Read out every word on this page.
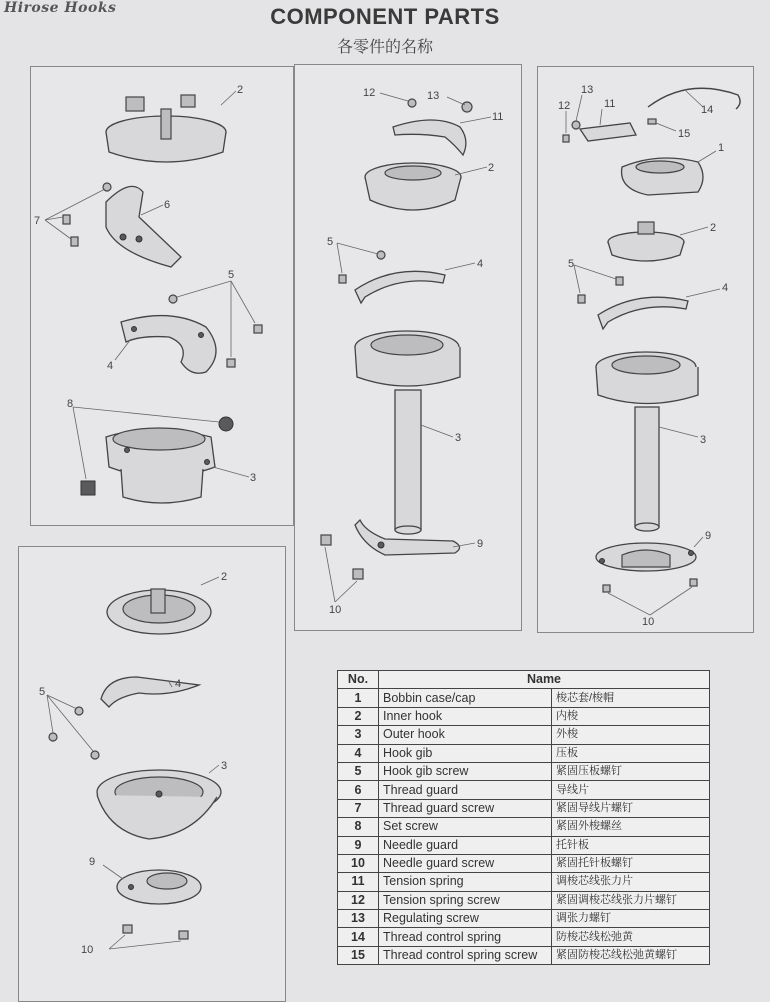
Hirose Hooks	COMPONENT PARTS
各零件的名称
2
6
7
5
4
8
3
12	13
11
2
5
4
3
9
10
13
12	11	14
15
1
2
5
4
3
9
10
2
5
4
3
9
10
No.	Name	
1	Bobbin case/cap	梭芯套/梭帽
2	Inner hook	内梭
3	Outer hook	外梭
4	Hook gib	压板
5	Hook gib screw	紧固压板螺钉
6	Thread guard	导线片
7	Thread guard screw	紧固导线片螺钉
8	Set screw	紧固外梭螺丝
9	Needle guard	托针板
10	Needle guard screw	紧固托针板螺钉
11	Tension spring	调梭芯线张力片
12	Tension spring screw	紧固调梭芯线张力片螺钉
13	Regulating screw	调张力螺钉
14	Thread control spring	防梭芯线松弛黄
15	Thread control spring screw	紧固防梭芯线松弛黄螺钉
